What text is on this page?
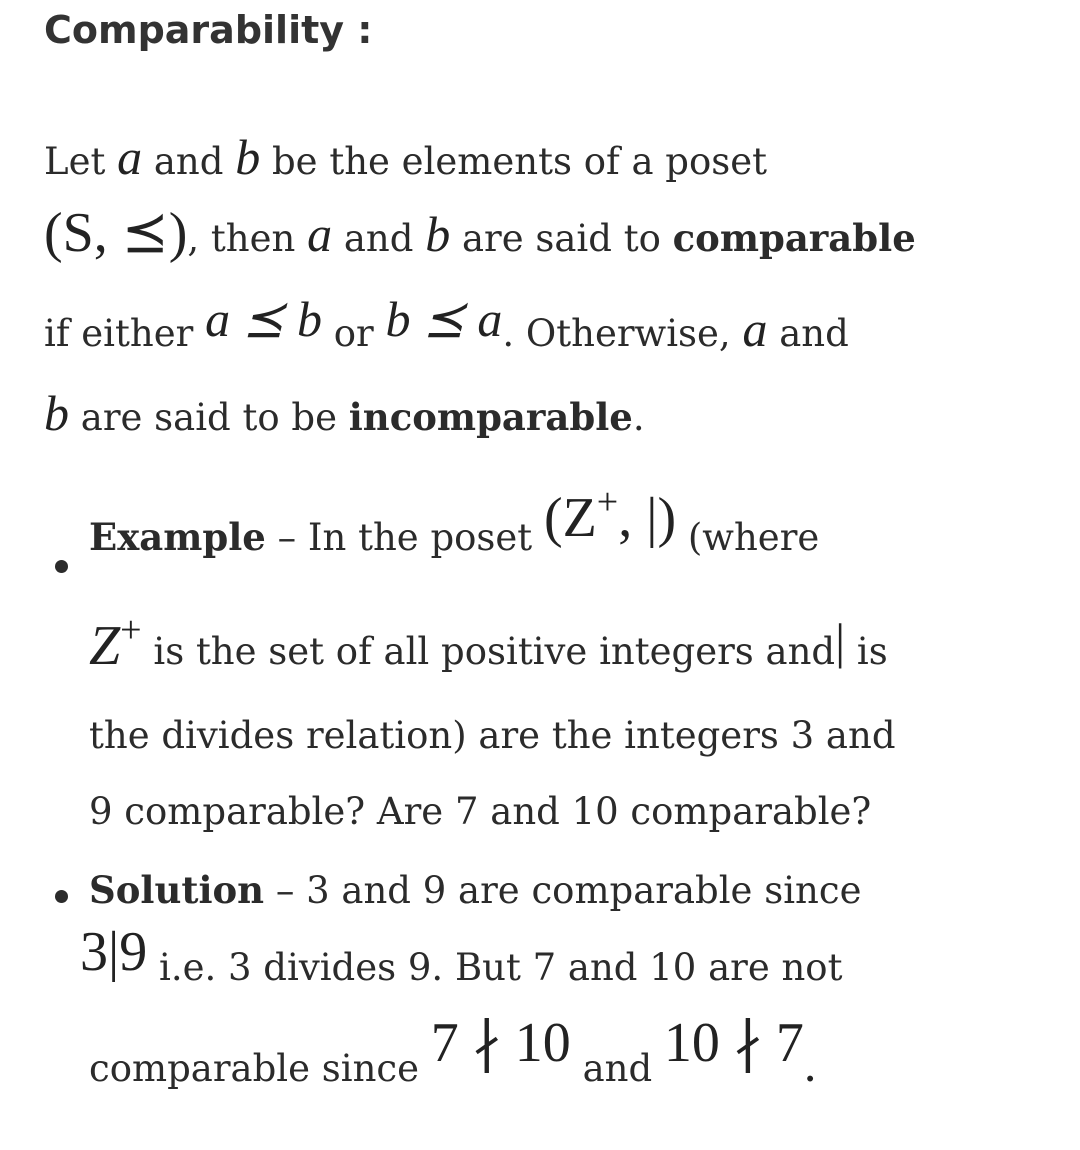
Comparability :
Let a and b be the elements of a poset
(S, ⪯), then a and b are said to comparable
if either a ⪯ b or b ⪯ a. Otherwise, a and
b are said to be incomparable.
Example – In the poset (Z+, |) (where
Z+ is the set of all positive integers and| is
the divides relation) are the integers 3 and
9 comparable? Are 7 and 10 comparable?
Solution – 3 and 9 are comparable since
3|9 i.e. 3 divides 9. But 7 and 10 are not
comparable since 7 ∤ 10 and 10 ∤ 7.
